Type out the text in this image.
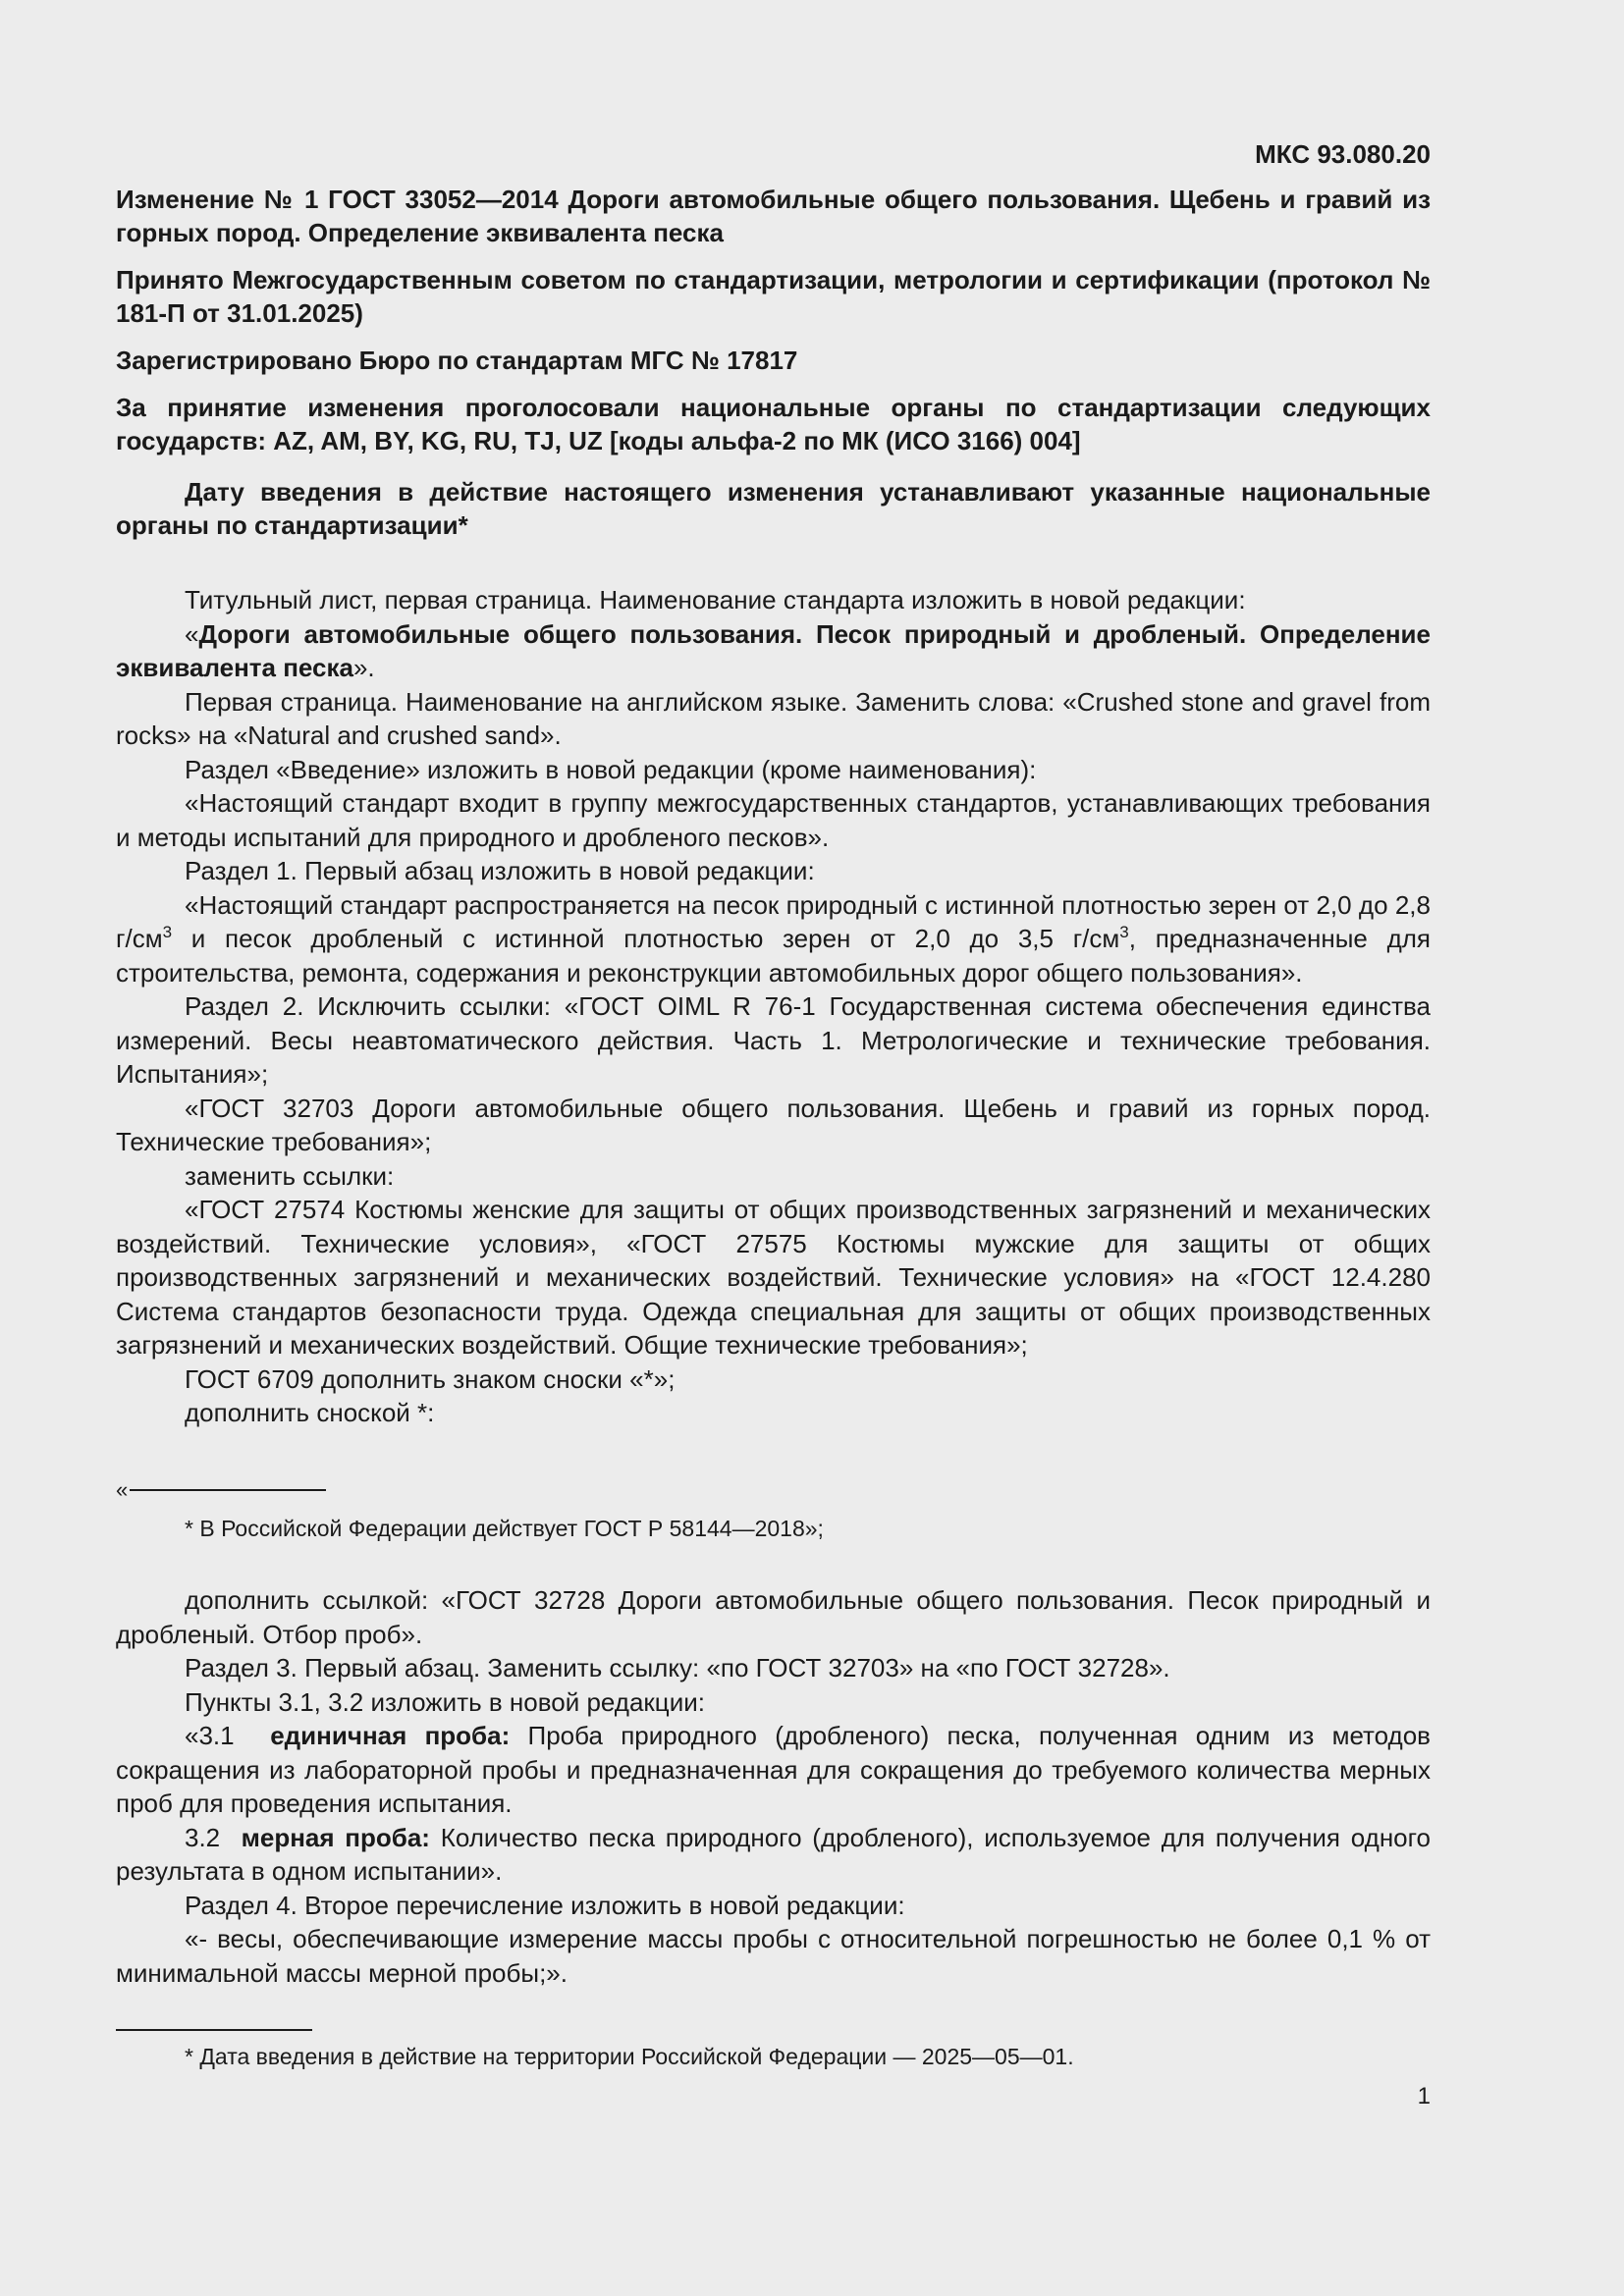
МКС 93.080.20
Изменение № 1 ГОСТ 33052—2014 Дороги автомобильные общего пользования. Щебень и гравий из горных пород. Определение эквивалента песка
Принято Межгосударственным советом по стандартизации, метрологии и сертификации (протокол № 181-П от 31.01.2025)
Зарегистрировано Бюро по стандартам МГС № 17817
За принятие изменения проголосовали национальные органы по стандартизации следующих государств: AZ, AM, BY, KG, RU, TJ, UZ [коды альфа-2 по МК (ИСО 3166) 004]
Дату введения в действие настоящего изменения устанавливают указанные национальные органы по стандартизации*

Титульный лист, первая страница. Наименование стандарта изложить в новой редакции:

«Дороги автомобильные общего пользования. Песок природный и дробленый. Определение эквивалента песка».

Первая страница. Наименование на английском языке. Заменить слова: «Crushed stone and gravel from rocks» на «Natural and crushed sand».

Раздел «Введение» изложить в новой редакции (кроме наименования):

«Настоящий стандарт входит в группу межгосударственных стандартов, устанавливающих требования и методы испытаний для природного и дробленого песков».

Раздел 1. Первый абзац изложить в новой редакции:

«Настоящий стандарт распространяется на песок природный с истинной плотностью зерен от 2,0 до 2,8 $г/см^3$ и песок дробленый с истинной плотностью зерен от 2,0 до 3,5 $г/см^3$, предназначенные для строительства, ремонта, содержания и реконструкции автомобильных дорог общего пользования».

Раздел 2. Исключить ссылки: «ГОСТ OIML R 76-1 Государственная система обеспечения единства измерений. Весы неавтоматического действия. Часть 1. Метрологические и технические требования. Испытания»;

«ГОСТ 32703 Дороги автомобильные общего пользования. Щебень и гравий из горных пород. Технические требования»;

заменить ссылки:

«ГОСТ 27574 Костюмы женские для защиты от общих производственных загрязнений и механических воздействий. Технические условия», «ГОСТ 27575 Костюмы мужские для защиты от общих производственных загрязнений и механических воздействий. Технические условия» на «ГОСТ 12.4.280 Система стандартов безопасности труда. Одежда специальная для защиты от общих производственных загрязнений и механических воздействий. Общие технические требования»;

ГОСТ 6709 дополнить знаком сноски «*»;

дополнить сноской *:

«

* В Российской Федерации действует ГОСТ Р 58144—2018»;

дополнить ссылкой: «ГОСТ 32728 Дороги автомобильные общего пользования. Песок природный и дробленый. Отбор проб».

Раздел 3. Первый абзац. Заменить ссылку: «по ГОСТ 32703» на «по ГОСТ 32728».

Пункты 3.1, 3.2 изложить в новой редакции:

«3.1 единичная проба: Проба природного (дробленого) песка, полученная одним из методов сокращения из лабораторной пробы и предназначенная для сокращения до требуемого количества мерных проб для проведения испытания.

3.2 мерная проба: Количество песка природного (дробленого), используемое для получения одного результата в одном испытании».

Раздел 4. Второе перечисление изложить в новой редакции:

«- весы, обеспечивающие измерение массы пробы с относительной погрешностью не более 0,1 % от минимальной массы мерной пробы;».

* Дата введения в действие на территории Российской Федерации — 2025—05—01.

1
